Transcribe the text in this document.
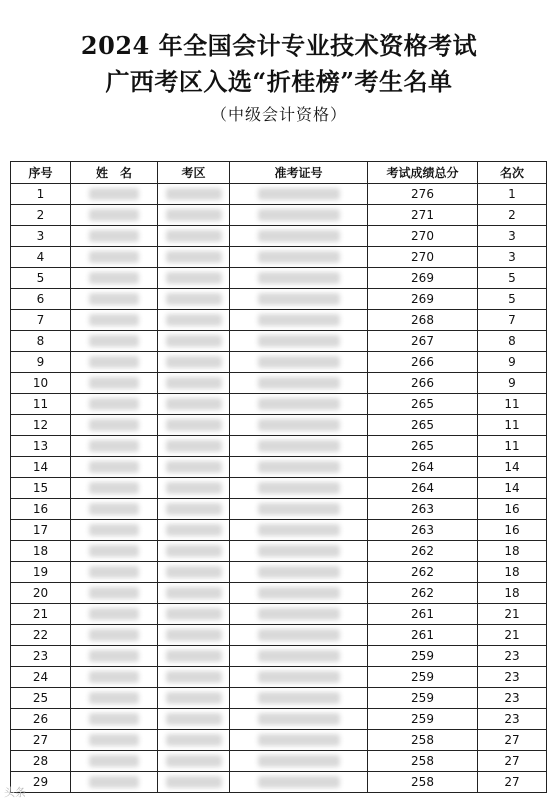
2024 年全国会计专业技术资格考试
广西考区入选“折桂榜”考生名单
（中级会计资格）
序号	姓　名	考区	准考证号	考试成绩总分	名次
1				276	1
2				271	2
3				270	3
4				270	3
5				269	5
6				269	5
7				268	7
8				267	8
9				266	9
10				266	9
11				265	11
12				265	11
13				265	11
14				264	14
15				264	14
16				263	16
17				263	16
18				262	18
19				262	18
20				262	18
21				261	21
22				261	21
23				259	23
24				259	23
25				259	23
26				259	23
27				258	27
28				258	27
29				258	27
头条
